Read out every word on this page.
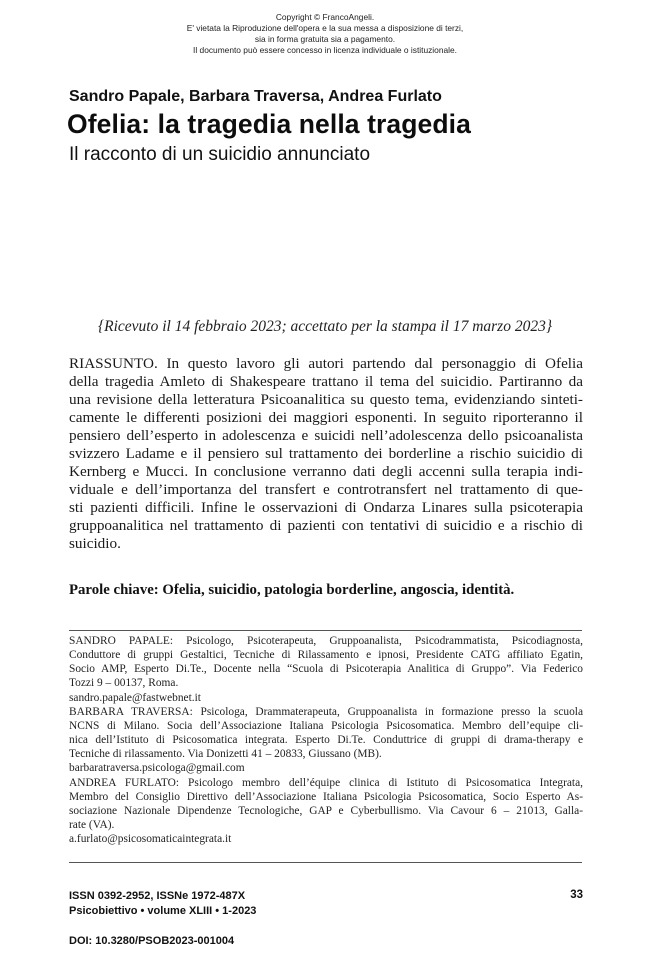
Copyright © FrancoAngeli.
E' vietata la Riproduzione dell'opera e la sua messa a disposizione di terzi,
sia in forma gratuita sia a pagamento.
Il documento può essere concesso in licenza individuale o istituzionale.
Sandro Papale, Barbara Traversa, Andrea Furlato
Ofelia: la tragedia nella tragedia
Il racconto di un suicidio annunciato
{Ricevuto il 14 febbraio 2023; accettato per la stampa il 17 marzo 2023}
RIASSUNTO. In questo lavoro gli autori partendo dal personaggio di Ofelia
della tragedia Amleto di Shakespeare trattano il tema del suicidio. Partiranno da
una revisione della letteratura Psicoanalitica su questo tema, evidenziando sinteti-
camente le differenti posizioni dei maggiori esponenti. In seguito riporteranno il
pensiero dell’esperto in adolescenza e suicidi nell’adolescenza dello psicoanalista
svizzero Ladame e il pensiero sul trattamento dei borderline a rischio suicidio di
Kernberg e Mucci. In conclusione verranno dati degli accenni sulla terapia indi-
viduale e dell’importanza del transfert e controtransfert nel trattamento di que-
sti pazienti difficili. Infine le osservazioni di Ondarza Linares sulla psicoterapia
gruppoanalitica nel trattamento di pazienti con tentativi di suicidio e a rischio di
suicidio.
Parole chiave: Ofelia, suicidio, patologia borderline, angoscia, identità.
SANDRO PAPALE: Psicologo, Psicoterapeuta, Gruppoanalista, Psicodrammatista, Psicodiagnosta,
Conduttore di gruppi Gestaltici, Tecniche di Rilassamento e ipnosi, Presidente CATG affiliato Egatin,
Socio AMP, Esperto Di.Te., Docente nella “Scuola di Psicoterapia Analitica di Gruppo”. Via Federico
Tozzi 9 – 00137, Roma.
sandro.papale@fastwebnet.it
BARBARA TRAVERSA: Psicologa, Drammaterapeuta, Gruppoanalista in formazione presso la scuola
NCNS di Milano. Socia dell’Associazione Italiana Psicologia Psicosomatica. Membro dell’equipe cli-
nica dell’Istituto di Psicosomatica integrata. Esperto Di.Te. Conduttrice di gruppi di drama-therapy e
Tecniche di rilassamento. Via Donizetti 41 – 20833, Giussano (MB).
barbaratraversa.psicologa@gmail.com
ANDREA FURLATO: Psicologo membro dell’équipe clinica di Istituto di Psicosomatica Integrata,
Membro del Consiglio Direttivo dell’Associazione Italiana Psicologia Psicosomatica, Socio Esperto As-
sociazione Nazionale Dipendenze Tecnologiche, GAP e Cyberbullismo. Via Cavour 6 – 21013, Galla-
rate (VA).
a.furlato@psicosomaticaintegrata.it
ISSN 0392-2952, ISSNe 1972-487X
Psicobiettivo • volume XLIII • 1-2023
33
DOI: 10.3280/PSOB2023-001004
